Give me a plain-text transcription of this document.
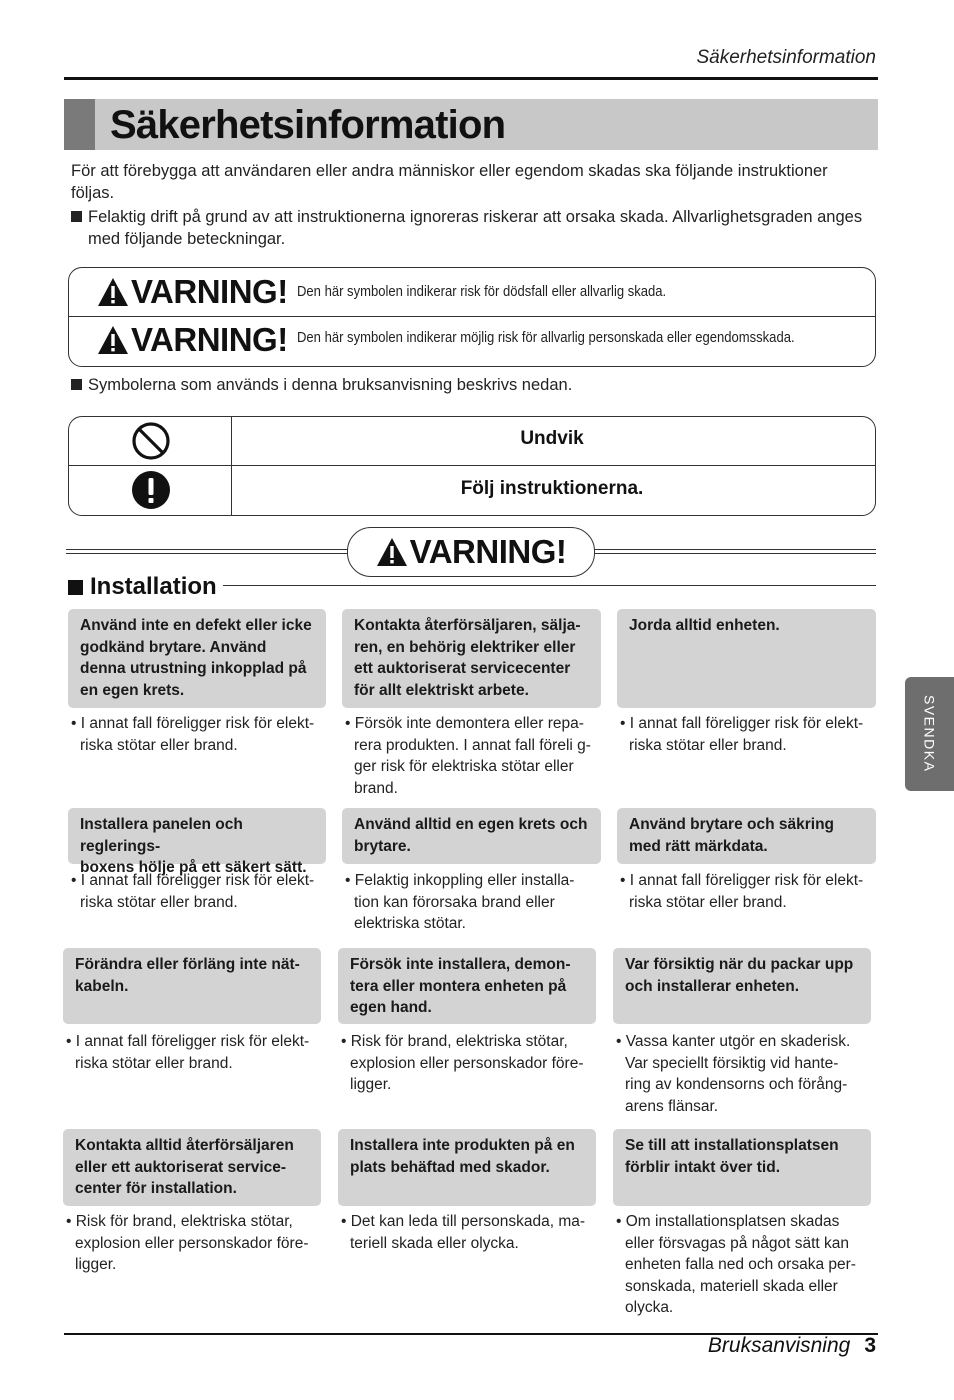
Säkerhetsinformation
Säkerhetsinformation
För att förebygga att användaren eller andra människor eller egendom skadas ska följande instruktioner följas.
Felaktig drift på grund av att instruktionerna ignoreras riskerar att orsaka skada. Allvarlighetsgraden anges med följande beteckningar.
VARNING! Den här symbolen indikerar risk för dödsfall eller allvarlig skada.
VARNING! Den här symbolen indikerar möjlig risk för allvarlig personskada eller egendomsskada.
Symbolerna som används i denna bruksanvisning beskrivs nedan.
Undvik
Följ instruktionerna.
VARNING!
Installation
Använd inte en defekt eller icke
godkänd brytare. Använd
denna utrustning inkopplad på
en egen krets.
• I annat fall föreligger risk för elekt-
riska stötar eller brand.
Kontakta återförsäljaren, sälja-
ren, en behörig elektriker eller
ett auktoriserat servicecenter
för allt elektriskt arbete.
• Försök inte demontera eller repa-
rera produkten. I annat fall föreli g-
ger risk för elektriska stötar eller
brand.
Jorda alltid enheten.
• I annat fall föreligger risk för elekt-
riska stötar eller brand.
Installera panelen och reglerings-
boxens hölje på ett säkert sätt.
• I annat fall föreligger risk för elekt-
riska stötar eller brand.
Använd alltid en egen krets och
brytare.
• Felaktig inkoppling eller installa-
tion kan förorsaka brand eller
elektriska stötar.
Använd brytare och säkring
med rätt märkdata.
• I annat fall föreligger risk för elekt-
riska stötar eller brand.
Förändra eller förläng inte nät-
kabeln.
• I annat fall föreligger risk för elekt-
riska stötar eller brand.
Försök inte installera, demon-
tera eller montera enheten på
egen hand.
• Risk för brand, elektriska stötar,
explosion eller personskador före-
ligger.
Var försiktig när du packar upp
och installerar enheten.
• Vassa kanter utgör en skaderisk.
Var speciellt försiktig vid hante-
ring av kondensorns och förång-
arens flänsar.
Kontakta alltid återförsäljaren
eller ett auktoriserat service-
center för installation.
• Risk för brand, elektriska stötar,
explosion eller personskador före-
ligger.
Installera inte produkten på en
plats behäftad med skador.
• Det kan leda till personskada, ma-
teriell skada eller olycka.
Se till att installationsplatsen
förblir intakt över tid.
• Om installationsplatsen skadas
eller försvagas på något sätt kan
enheten falla ned och orsaka per-
sonskada, materiell skada eller
olycka.
SVENDKA
Bruksanvisning 3
